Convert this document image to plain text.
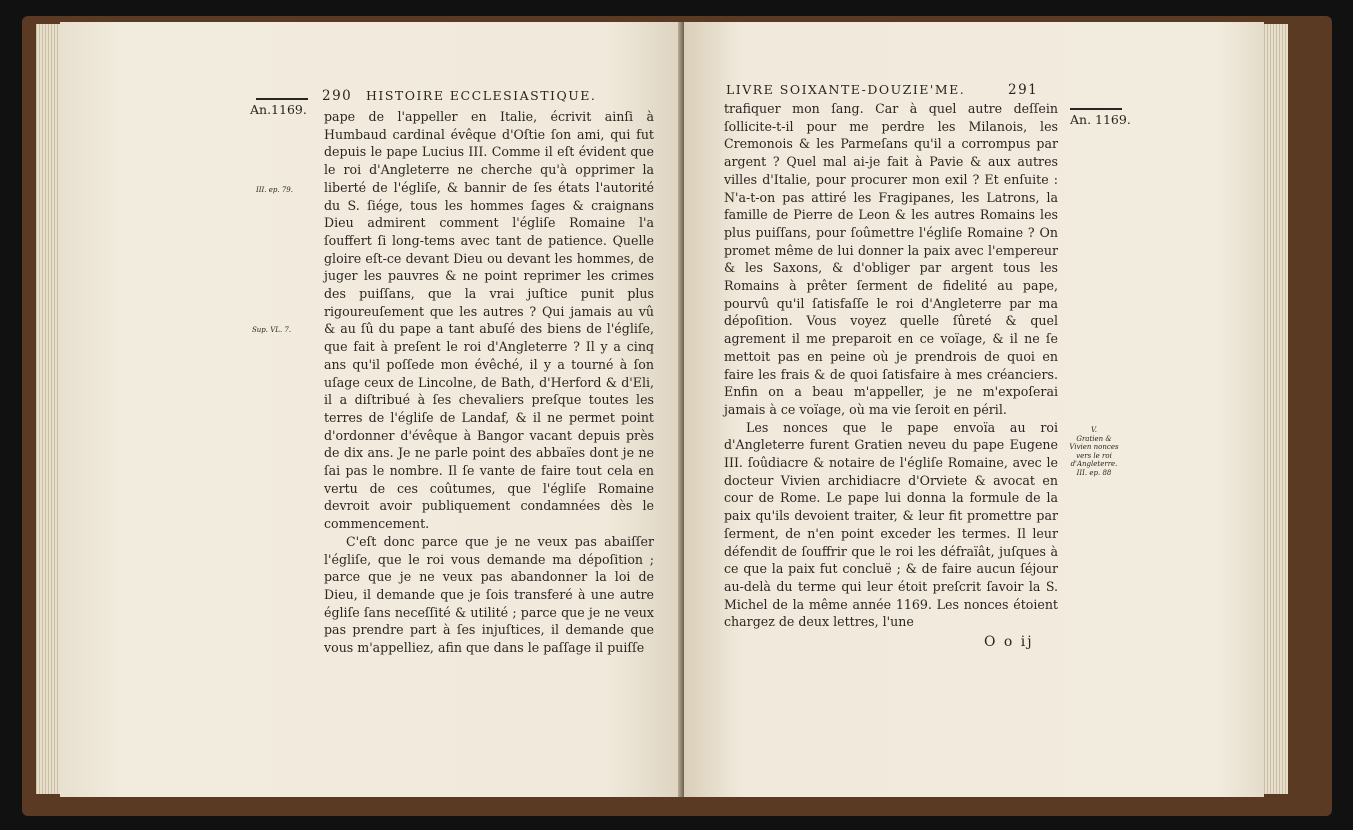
An.1169.
290 HISTOIRE ECCLESIASTIQUE.
III. ep. 79.
Sup. VL. 7.

pape de l'appeller en Italie, écrivit ainſi à Humbaud cardinal évêque d'Oſtie ſon ami, qui fut depuis le pape Lucius III. Comme il eſt évident que le roi d'Angleterre ne cherche qu'à opprimer la liberté de l'égliſe, & bannir de ſes états l'autorité du S. ſiége, tous les hommes ſages & craignans Dieu admirent comment l'égliſe Romaine l'a ſouffert ſi long-tems avec tant de patience. Quelle gloire eſt-ce devant Dieu ou devant les hommes, de juger les pauvres & ne point reprimer les crimes des puiſſans, que la vrai juſtice punit plus rigoureuſement que les autres ? Qui jamais au vû & au ſû du pape a tant abuſé des biens de l'égliſe, que fait à preſent le roi d'Angleterre ? Il y a cinq ans qu'il poſſede mon évêché, il y a tourné à ſon uſage ceux de Lincolne, de Bath, d'Herford & d'Eli, il a diſtribué à ſes chevaliers preſque toutes les terres de l'égliſe de Landaf, & il ne permet point d'ordonner d'évêque à Bangor vacant depuis près de dix ans. Je ne parle point des abbaïes dont je ne ſai pas le nombre. Il ſe vante de faire tout cela en vertu de ces coûtumes, que l'égliſe Romaine devroit avoir publiquement condamnées dès le commencement.

C'eſt donc parce que je ne veux pas abaiſſer l'égliſe, que le roi vous demande ma dépoſition ; parce que je ne veux pas abandonner la loi de Dieu, il demande que je ſois transferé à une autre égliſe ſans neceſſité & utilité ; parce que je ne veux pas prendre part à ſes injuſtices, il demande que vous m'appelliez, afin que dans le paſſage il puiſſe

LIVRE SOIXANTE-DOUZIE'ME.	291
An. 1169.
V.
Gratien & Vivien nonces vers le roi d'Angleterre.
III. ep. 88

trafiquer mon ſang. Car à quel autre deſſein ſollicite-t-il pour me perdre les Milanois, les Cremonois & les Parmeſans qu'il a corrompus par argent ? Quel mal ai-je fait à Pavie & aux autres villes d'Italie, pour procurer mon exil ? Et enſuite : N'a-t-on pas attiré les Fragipanes, les Latrons, la famille de Pierre de Leon & les autres Romains les plus puiſſans, pour ſoûmettre l'égliſe Romaine ? On promet même de lui donner la paix avec l'empereur & les Saxons, & d'obliger par argent tous les Romains à prêter ſerment de fidelité au pape, pourvû qu'il ſatisfaſſe le roi d'Angleterre par ma dépoſition. Vous voyez quelle ſûreté & quel agrement il me preparoit en ce voïage, & il ne ſe mettoit pas en peine où je prendrois de quoi en faire les frais & de quoi ſatisfaire à mes créanciers. Enfin on a beau m'appeller, je ne m'expoſerai jamais à ce voïage, où ma vie ſeroit en péril.

Les nonces que le pape envoïa au roi d'Angleterre furent Gratien neveu du pape Eugene III. ſoûdiacre & notaire de l'égliſe Romaine, avec le docteur Vivien archidiacre d'Orviete & avocat en cour de Rome. Le pape lui donna la formule de la paix qu'ils devoient traiter, & leur fit promettre par ſerment, de n'en point exceder les termes. Il leur défendit de ſouffrir que le roi les défraïât, juſques à ce que la paix fut concluë ; & de faire aucun ſéjour au-delà du terme qui leur étoit preſcrit ſavoir la S. Michel de la même année 1169. Les nonces étoient chargez de deux lettres, l'une

O o ij
